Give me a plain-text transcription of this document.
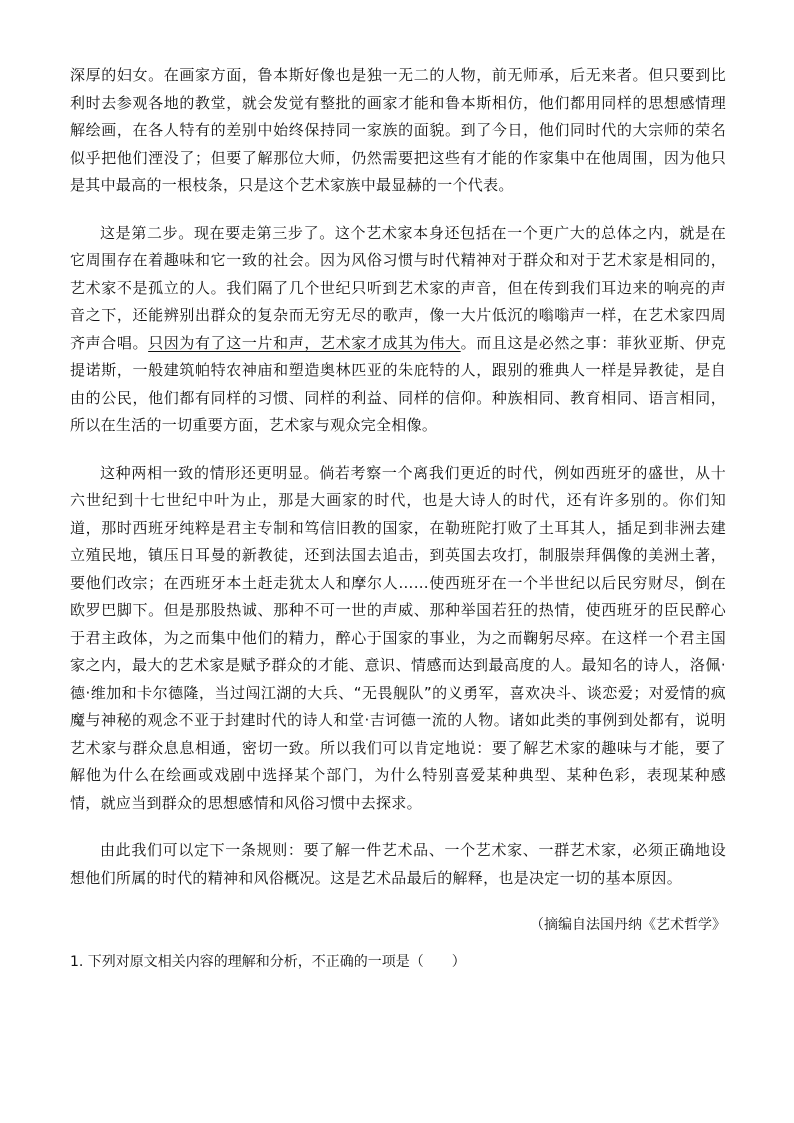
深厚的妇女。在画家方面，鲁本斯好像也是独一无二的人物，前无师承，后无来者。但只要到比利时去参观各地的教堂，就会发觉有整批的画家才能和鲁本斯相仿，他们都用同样的思想感情理解绘画，在各人特有的差别中始终保持同一家族的面貌。到了今日，他们同时代的大宗师的荣名似乎把他们湮没了；但要了解那位大师，仍然需要把这些有才能的作家集中在他周围，因为他只是其中最高的一根枝条，只是这个艺术家族中最显赫的一个代表。

这是第二步。现在要走第三步了。这个艺术家本身还包括在一个更广大的总体之内，就是在它周围存在着趣味和它一致的社会。因为风俗习惯与时代精神对于群众和对于艺术家是相同的，艺术家不是孤立的人。我们隔了几个世纪只听到艺术家的声音，但在传到我们耳边来的响亮的声音之下，还能辨别出群众的复杂而无穷无尽的歌声，像一大片低沉的嗡嗡声一样，在艺术家四周齐声合唱。只因为有了这一片和声，艺术家才成其为伟大。而且这是必然之事：菲狄亚斯、伊克提诺斯，一般建筑帕特农神庙和塑造奥林匹亚的朱庇特的人，跟别的雅典人一样是异教徒，是自由的公民，他们都有同样的习惯、同样的利益、同样的信仰。种族相同、教育相同、语言相同，所以在生活的一切重要方面，艺术家与观众完全相像。

这种两相一致的情形还更明显。倘若考察一个离我们更近的时代，例如西班牙的盛世，从十六世纪到十七世纪中叶为止，那是大画家的时代，也是大诗人的时代，还有许多别的。你们知道，那时西班牙纯粹是君主专制和笃信旧教的国家，在勒班陀打败了土耳其人，插足到非洲去建立殖民地，镇压日耳曼的新教徒，还到法国去追击，到英国去攻打，制服崇拜偶像的美洲土著，要他们改宗；在西班牙本土赶走犹太人和摩尔人……使西班牙在一个半世纪以后民穷财尽，倒在欧罗巴脚下。但是那股热诚、那种不可一世的声威、那种举国若狂的热情，使西班牙的臣民醉心于君主政体，为之而集中他们的精力，醉心于国家的事业，为之而鞠躬尽瘁。在这样一个君主国家之内，最大的艺术家是赋予群众的才能、意识、情感而达到最高度的人。最知名的诗人，洛佩·德·维加和卡尔德隆，当过闯江湖的大兵、“无畏舰队”的义勇军，喜欢决斗、谈恋爱；对爱情的疯魔与神秘的观念不亚于封建时代的诗人和堂·吉诃德一流的人物。诸如此类的事例到处都有，说明艺术家与群众息息相通，密切一致。所以我们可以肯定地说：要了解艺术家的趣味与才能，要了解他为什么在绘画或戏剧中选择某个部门，为什么特别喜爱某种典型、某种色彩，表现某种感情，就应当到群众的思想感情和风俗习惯中去探求。

由此我们可以定下一条规则：要了解一件艺术品、一个艺术家、一群艺术家，必须正确地设想他们所属的时代的精神和风俗概况。这是艺术品最后的解释，也是决定一切的基本原因。

（摘编自法国丹纳《艺术哲学》

1. 下列对原文相关内容的理解和分析，不正确的一项是（　　）
